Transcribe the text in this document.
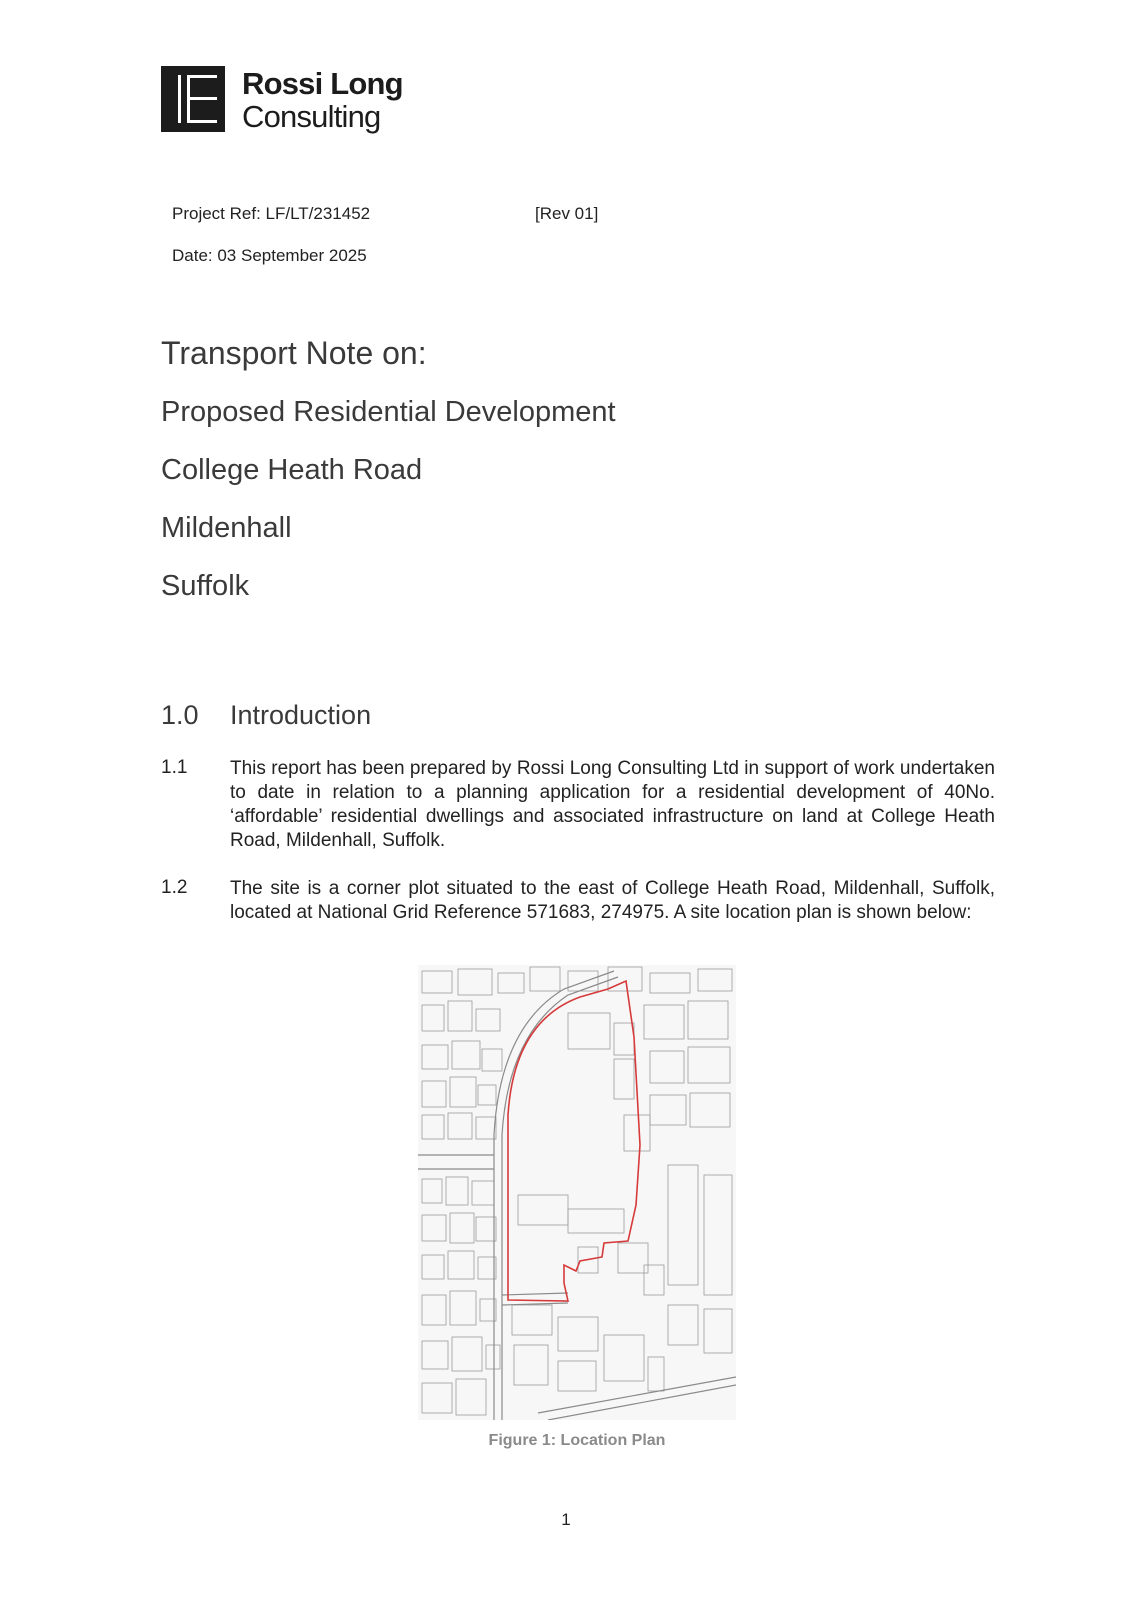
Rossi Long
Consulting
Project Ref: LF/LT/231452	[Rev 01]
Date: 03 September 2025
Transport Note on:
Proposed Residential Development
College Heath Road
Mildenhall
Suffolk
1.0 Introduction
1.1 This report has been prepared by Rossi Long Consulting Ltd in support of work undertaken to date in relation to a planning application for a residential development of 40No. ‘affordable’ residential dwellings and associated infrastructure on land at College Heath Road, Mildenhall, Suffolk.
1.2 The site is a corner plot situated to the east of College Heath Road, Mildenhall, Suffolk, located at National Grid Reference 571683, 274975. A site location plan is shown below:
Figure 1: Location Plan
1
